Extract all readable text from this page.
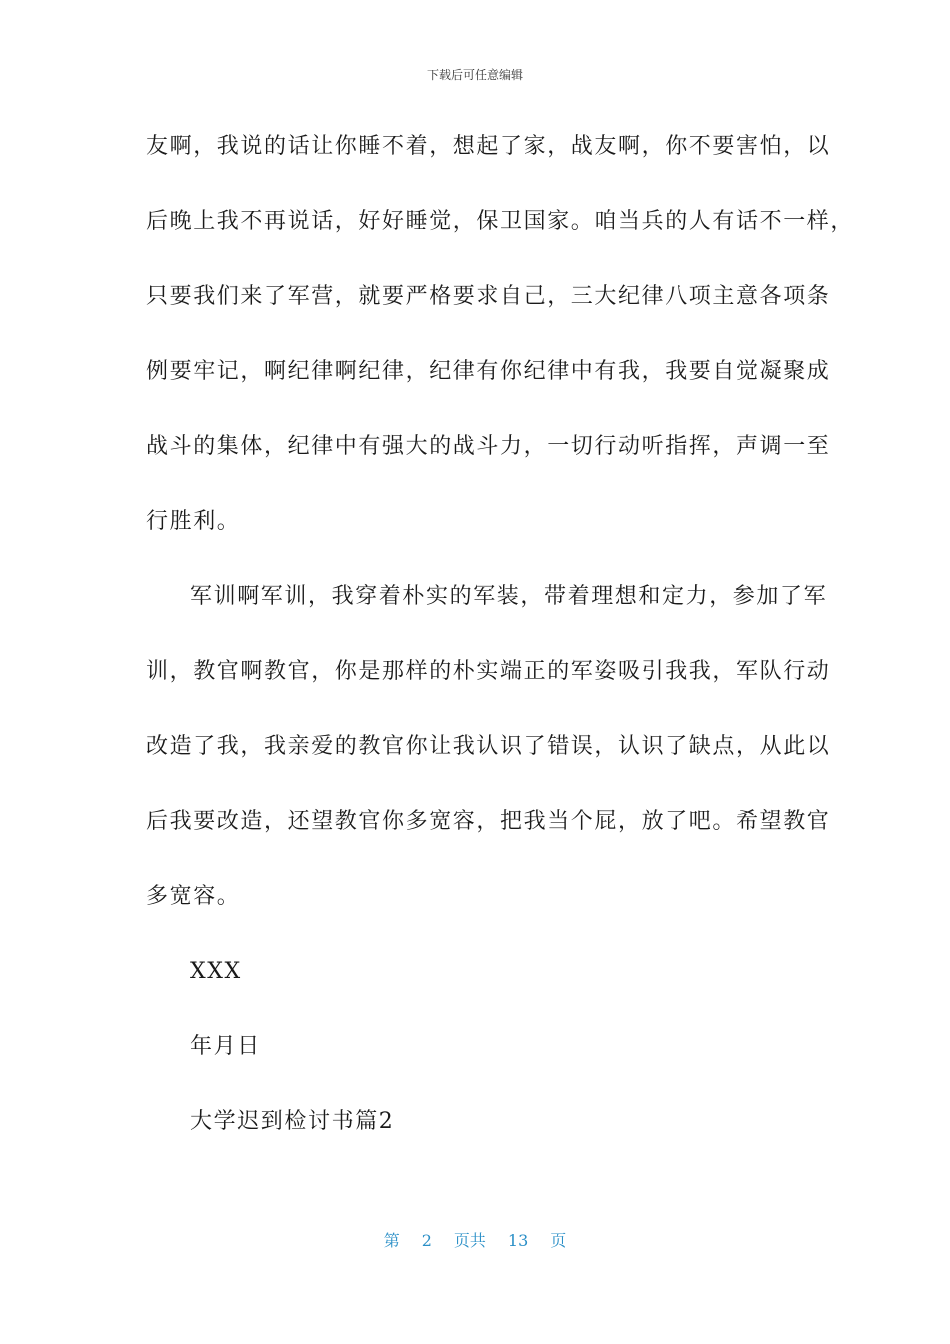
下载后可任意编辑
友啊，我说的话让你睡不着，想起了家，战友啊，你不要害怕，以
后晚上我不再说话，好好睡觉，保卫国家。咱当兵的人有话不一样，
只要我们来了军营，就要严格要求自己，三大纪律八项主意各项条
例要牢记，啊纪律啊纪律，纪律有你纪律中有我，我要自觉凝聚成
战斗的集体，纪律中有强大的战斗力，一切行动听指挥，声调一至
行胜利。
军训啊军训，我穿着朴实的军装，带着理想和定力，参加了军
训，教官啊教官，你是那样的朴实端正的军姿吸引我我，军队行动
改造了我，我亲爱的教官你让我认识了错误，认识了缺点，从此以
后我要改造，还望教官你多宽容，把我当个屁，放了吧。希望教官
多宽容。
XXX
年月日
大学迟到检讨书篇2
第 2 页共 13 页
